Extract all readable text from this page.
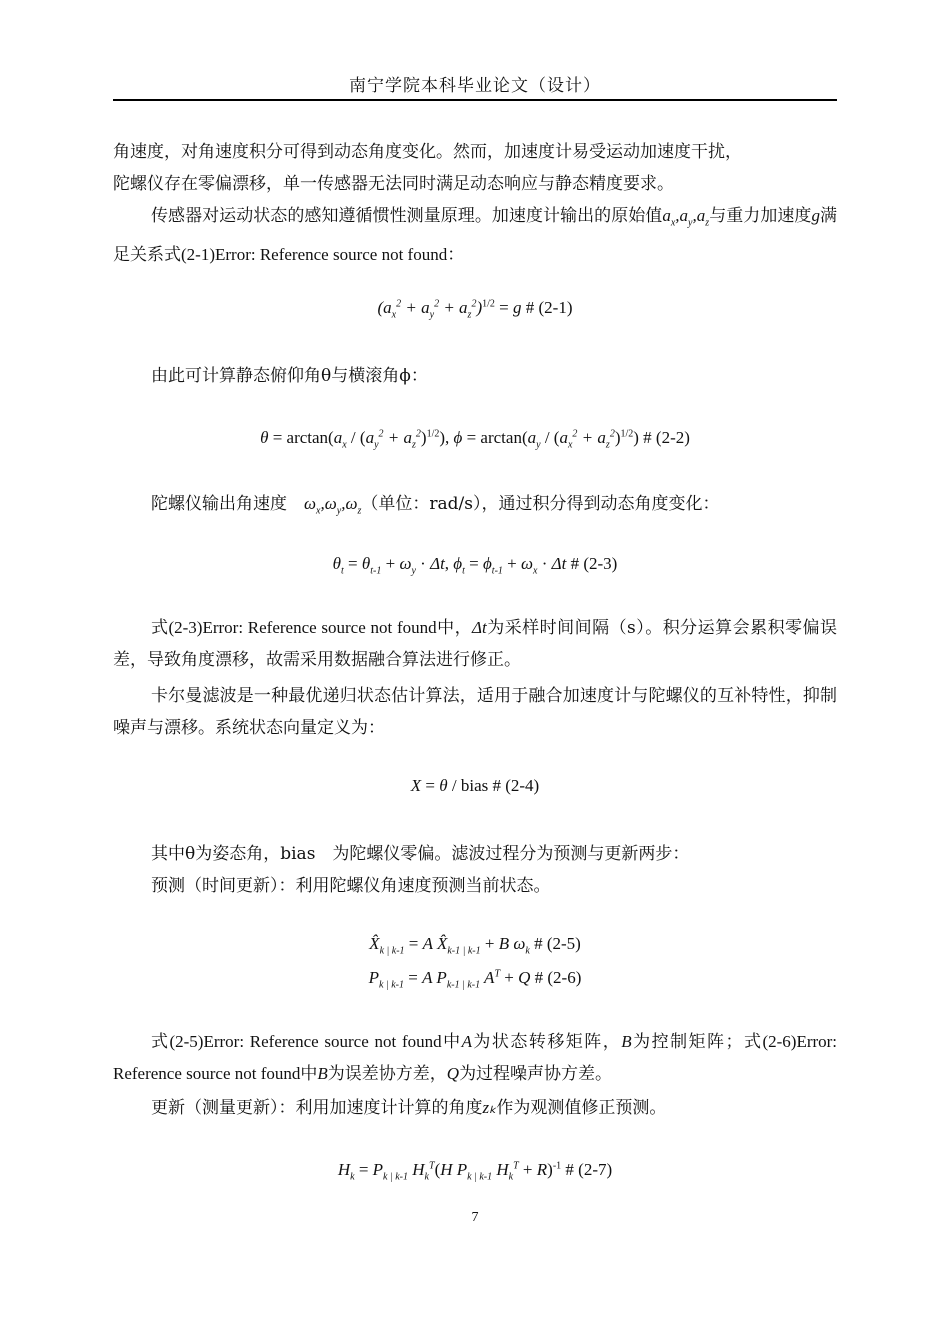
南宁学院本科毕业论文（设计）

角速度，对角速度积分可得到动态角度变化。然而，加速度计易受运动加速度干扰，
陀螺仪存在零偏漂移，单一传感器无法同时满足动态响应与静态精度要求。

传感器对运动状态的感知遵循惯性测量原理。加速度计输出的原始值$a_x,a_y,a_z$与重力加速度g满足关系式(2-1)Error: Reference source not found：

$(a_x^2 + a_y^2 + a_z^2)^{1/2} = g$ # (2-1)

由此可计算静态俯仰角θ与横滚角ϕ：

$\theta = \arctan(a_x / (a_y^2 + a_z^2)^{1/2})$, $\phi = \arctan(a_y / (a_x^2 + a_z^2)^{1/2})$ # (2-2)

陀螺仪输出角速度　 $\omega_x,\omega_y,\omega_z$（单位：rad/s），通过积分得到动态角度变化：

$\theta_t = \theta_{t-1} + \omega_y \cdot \Delta t$, $\phi_t = \phi_{t-1} + \omega_x \cdot \Delta t$ # (2-3)

式(2-3)Error: Reference source not found中，Δt为采样时间间隔（s）。积分运算会累积零偏误差，导致角度漂移，故需采用数据融合算法进行修正。

卡尔曼滤波是一种最优递归状态估计算法，适用于融合加速度计与陀螺仪的互补特性，抑制噪声与漂移。系统状态向量定义为：

X = θ / bias # (2-4)

其中θ为姿态角，bias　为陀螺仪零偏。滤波过程分为预测与更新两步：

预测（时间更新）：利用陀螺仪角速度预测当前状态。

$X̂_{k | k-1} = A$ $X̂_{k-1 | k-1} + B$ $\omega_k$ # (2-5)
$P_{k | k-1} = A$ $P_{k-1 | k-1}$ $A^T + Q$ # (2-6)

式(2-5)Error: Reference source not found中A为状态转移矩阵，B为控制矩阵；式(2-6)Error: Reference source not found中B为误差协方差，Q为过程噪声协方差。

更新（测量更新）：利用加速度计计算的角度zₖ作为观测值修正预测。

$H_k = P_{k | k-1}$ $H_k^T(H$ $P_{k | k-1}$ $H_k^T + R)^{-1}$ # (2-7)
7
